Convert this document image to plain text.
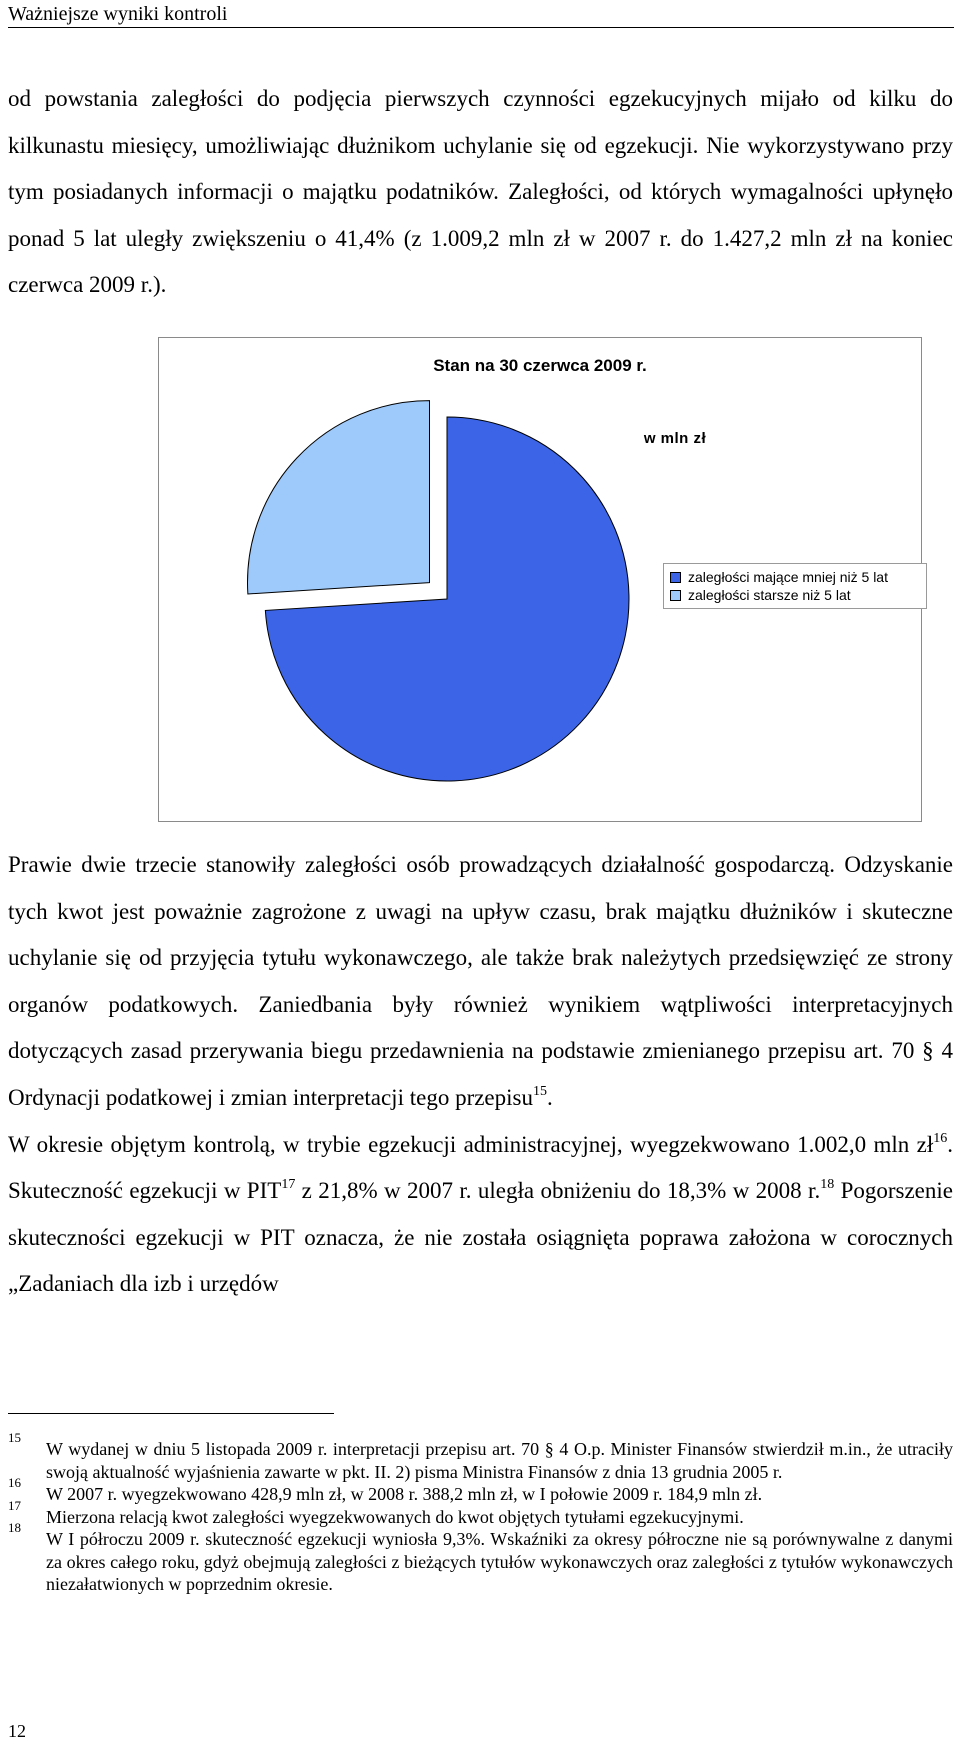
Ważniejsze wyniki kontroli

od powstania zaległości do podjęcia pierwszych czynności egzekucyjnych mijało od kilku do kilkunastu miesięcy, umożliwiając dłużnikom uchylanie się od egzekucji. Nie wykorzystywano przy tym posiadanych informacji o majątku podatników. Zaległości, od których wymagalności upłynęło ponad 5 lat uległy zwiększeniu o 41,4% (z 1.009,2 mln zł w 2007 r. do 1.427,2 mln zł na koniec czerwca 2009 r.).

Stan na 30 czerwca 2009 r.
w mln zł
zaległości mające mniej niż 5 lat
zaległości starsze niż 5 lat

Prawie dwie trzecie stanowiły zaległości osób prowadzących działalność gospodarczą. Odzyskanie tych kwot jest poważnie zagrożone z uwagi na upływ czasu, brak majątku dłużników i skuteczne uchylanie się od przyjęcia tytułu wykonawczego, ale także brak należytych przedsięwzięć ze strony organów podatkowych. Zaniedbania były również wynikiem wątpliwości interpretacyjnych dotyczących zasad przerywania biegu przedawnienia na podstawie zmienianego przepisu art. 70 § 4 Ordynacji podatkowej i zmian interpretacji tego przepisu$^{15}$.
W okresie objętym kontrolą, w trybie egzekucji administracyjnej, wyegzekwowano 1.002,0 mln $zł^{16}$. Skuteczność egzekucji w PIT$^{17}$ z 21,8% w 2007 r. uległa obniżeniu do 18,3% w 2008 r.$^{18}$ Pogorszenie skuteczności egzekucji w PIT oznacza, że nie została osiągnięta poprawa założona w corocznych „Zadaniach dla izb i urzędów

15
W wydanej w dniu 5 listopada 2009 r. interpretacji przepisu art. 70 § 4 O.p. Minister Finansów stwierdził m.in., że utraciły swoją aktualność wyjaśnienia zawarte w pkt. II. 2) pisma Ministra Finansów z dnia 13 grudnia 2005 r.
16
W 2007 r. wyegzekwowano 428,9 mln zł, w 2008 r. 388,2 mln zł, w I połowie 2009 r. 184,9 mln zł.
17
Mierzona relacją kwot zaległości wyegzekwowanych do kwot objętych tytułami egzekucyjnymi.
18
W I półroczu 2009 r. skuteczność egzekucji wyniosła 9,3%. Wskaźniki za okresy półroczne nie są porównywalne z danymi za okres całego roku, gdyż obejmują zaległości z bieżących tytułów wykonawczych oraz zaległości z tytułów wykonawczych niezałatwionych w poprzednim okresie.
12
